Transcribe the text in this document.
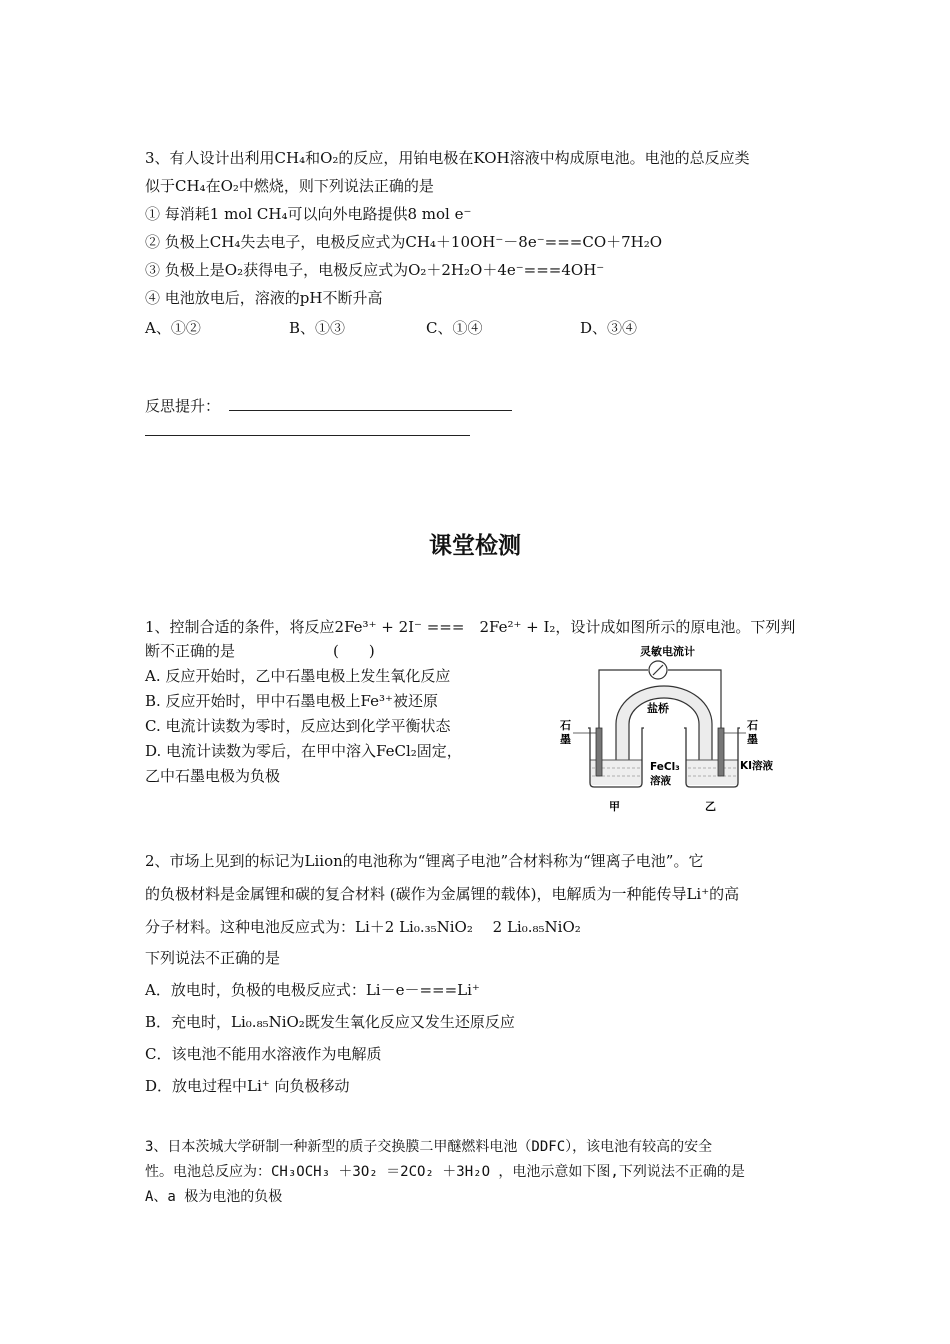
3、有人设计出利用CH₄和O₂的反应，用铂电极在KOH溶液中构成原电池。电池的总反应类
似于CH₄在O₂中燃烧，则下列说法正确的是
① 每消耗1 mol CH₄可以向外电路提供8 mol e⁻
② 负极上CH₄失去电子，电极反应式为CH₄＋10OH⁻－8e⁻===CO＋7H₂O
③ 负极上是O₂获得电子，电极反应式为O₂＋2H₂O＋4e⁻===4OH⁻
④ 电池放电后，溶液的pH不断升高
A、①②	B、①③	C、①④	D、③④
反思提升：
课堂检测
1、控制合适的条件，将反应2Fe³⁺ + 2I⁻ ===　2Fe²⁺ + I₂，设计成如图所示的原电池。下列判
断不正确的是	(　　)
A. 反应开始时，乙中石墨电极上发生氧化反应
B. 反应开始时，甲中石墨电极上Fe³⁺被还原
C. 电流计读数为零时，反应达到化学平衡状态
D. 电流计读数为零后，在甲中溶入FeCl₂固定，
乙中石墨电极为负极
灵敏电流计
盐桥
石
墨
石
墨
FeCl₃
溶液
KI溶液
甲	乙
2、市场上见到的标记为Liion的电池称为“锂离子电池”合材料称为“锂离子电池”。它
的负极材料是金属锂和碳的复合材料 (碳作为金属锂的载体)，电解质为一种能传导Li⁺的高
分子材料。这种电池反应式为：Li＋2 Li₀.₃₅NiO₂　 2 Li₀.₈₅NiO₂
下列说法不正确的是
A．放电时，负极的电极反应式：Li－e－===Li⁺
B．充电时，Li₀.₈₅NiO₂既发生氧化反应又发生还原反应
C．该电池不能用水溶液作为电解质
D．放电过程中Li⁺ 向负极移动
3、日本茨城大学研制一种新型的质子交换膜二甲醚燃料电池（DDFC），该电池有较高的安全
性。电池总反应为：CH₃OCH₃ ＋3O₂ ＝2CO₂ ＋3H₂O ，电池示意如下图,下列说法不正确的是
A、a 极为电池的负极
